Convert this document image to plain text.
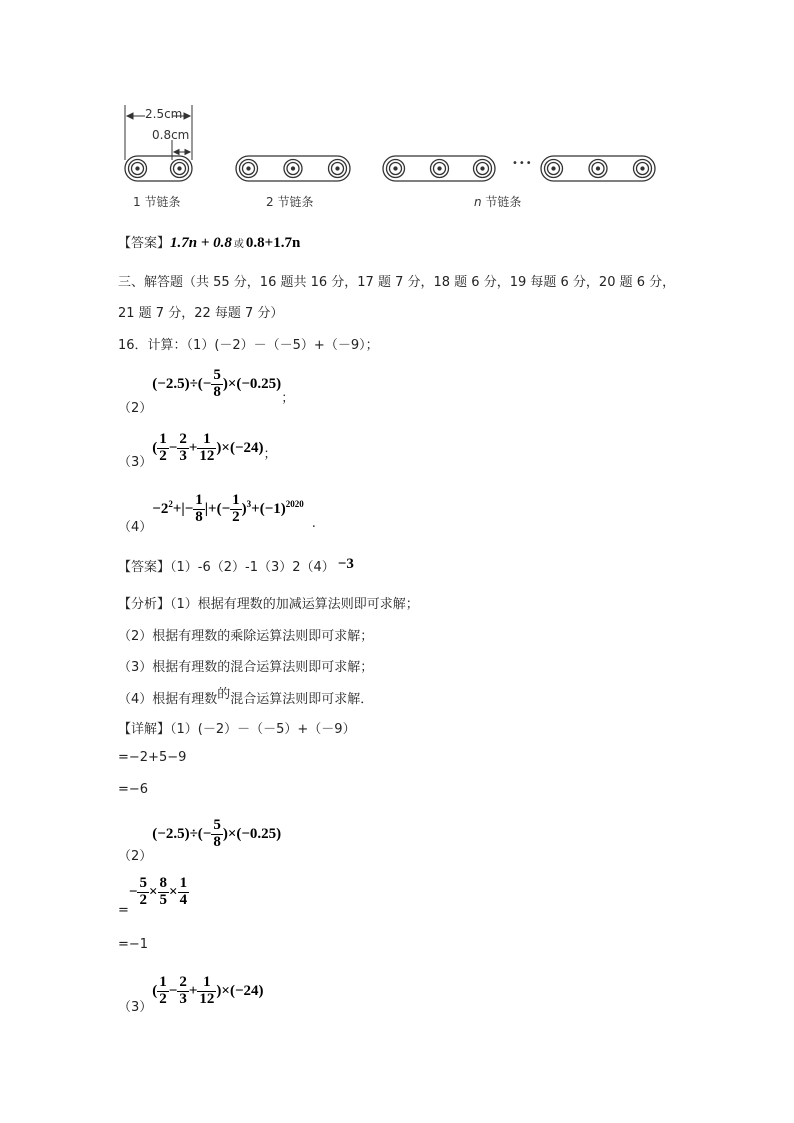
2.5cm
0.8cm
•••
1 节链条	2 节链条	n 节链条
【答案】1.7n + 0.8 或 0.8+1.7n
三、解答题（共 55 分，16 题共 16 分，17 题 7 分，18 题 6 分，19 每题 6 分，20 题 6 分，
21 题 7 分，22 每题 7 分）
16．计算：（1）(－2）－（－5）+（－9）；
$_{(2)}(-2.5)\div(- \frac{5}{8} )\times(-0.25)_;$
$_{(3)}( \frac{1}{2} - \frac{2}{3} + \frac{1}{12} )\times(-24)_;$
$_{(4)}-2^2+|- \frac{1}{8}$ |+(− $\frac{1}{2} )^3+(-1)^{2020}_.$
【答案】（1）-6（2）-1（3）2（4） −3
【分析】（1）根据有理数的加减运算法则即可求解；
（2）根据有理数的乘除运算法则即可求解；
（3）根据有理数的混合运算法则即可求解；
（4）根据有理数的混合运算法则即可求解．
【详解】（1）(－2）－（－5）+（－9）
=−2+5−9
=−6
$_{(2)}(-2.5)\div(- \frac{5}{8} )\times(-0.25)$
$_=- \frac{5}{2} \times \frac{8}{5} \times \frac{1}{4}$
=−1
$_{(3)}( \frac{1}{2} - \frac{2}{3} + \frac{1}{12} )\times(-24)$
